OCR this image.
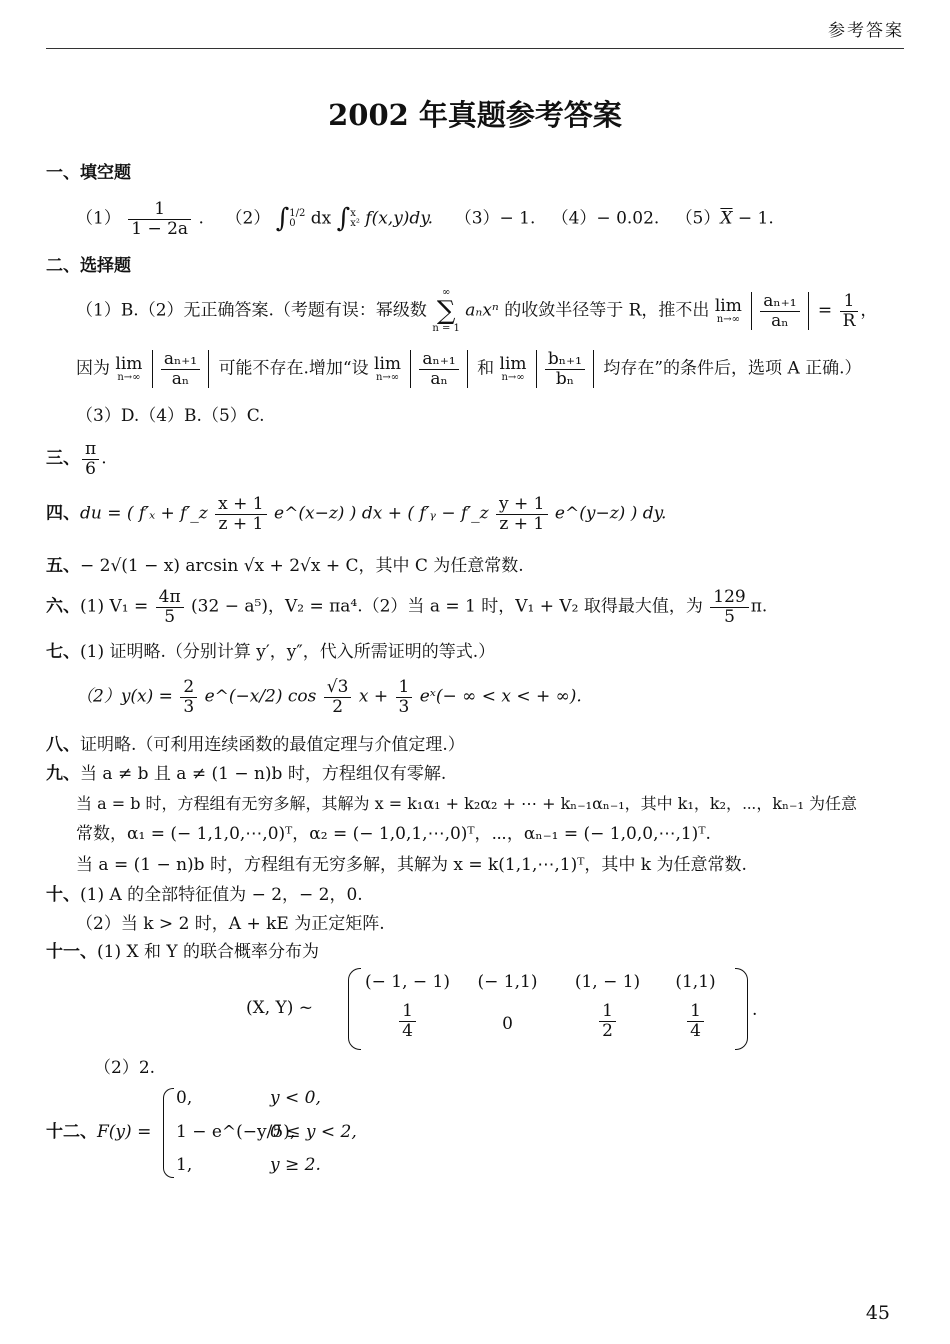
参考答案
2002 年真题参考答案
一、填空题
$(1) \frac{1}{1 - 2a}$ . （2） ∫ 1/2
0 dx ∫ x
x² f(x,y)dy. （3）− 1. （4）− 0.02. $(5)\overline{X} - 1$.
二、选择题
（1）B.（2）无正确答案.（考题有误：幂级数
∞
∑
n = 1
aₙxⁿ 的收敛半径等于 R，推不出 lim
n→∞
$\frac{\text{aₙ₊₁}}{\text{aₙ}} = \frac{1}{R}$ ，
因为 lim
n→∞
$\frac{\text{aₙ₊₁}}{\text{aₙ}}$ 可能不存在.增加“设 lim
n→∞
$\frac{\text{aₙ₊₁}}{\text{aₙ}}$ 和 lim
n→∞
$\frac{\text{bₙ₊₁}}{\text{bₙ}}$ 均存在”的条件后，选项 A 正确.）
（3）D.（4）B.（5）C.
三、 $\frac{\pi}{6}$ .
四、du = ( f′ₓ + f′_z $\frac{x + 1}{z + 1}$ e^(x−z) ) dx + ( f′ᵧ − f′_z $\frac{y + 1}{z + 1}$ e^(y−z) ) dy.
五、− 2√(1 − x) arcsin √x + 2√x + C，其中 C 为任意常数.
六、(1) $V_1 = \frac{4\pi}{5} (32 - a^5)$，V₂ = πa⁴.（2）当 a = 1 时，V₁ + V₂ 取得最大值，为 $\frac{129}{5} \pi$.
七、(1) 证明略.（分别计算 y′，y″，代入所需证明的等式.）
$(2)y(x) = \frac{2}{3}$ e^(−x/2) $\cos \frac{√3}{2}$ $x + \frac{1}{3}$ eˣ(− ∞ < x < + ∞).
八、证明略.（可利用连续函数的最值定理与介值定理.）
九、当 a ≠ b 且 a ≠ (1 − n)b 时，方程组仅有零解.
当 a = b 时，方程组有无穷多解，其解为 x = k₁α₁ + k₂α₂ + ⋯ + kₙ₋₁αₙ₋₁，其中 k₁，k₂，⋯，kₙ₋₁ 为任意
常数，α₁ = (− 1,1,0,⋯,0)ᵀ，α₂ = (− 1,0,1,⋯,0)ᵀ，⋯，αₙ₋₁ = (− 1,0,0,⋯,1)ᵀ.
当 a = (1 − n)b 时，方程组有无穷多解，其解为 x = k(1,1,⋯,1)ᵀ，其中 k 为任意常数.
十、(1) A 的全部特征值为 − 2，− 2，0.
（2）当 k > 2 时，A + kE 为正定矩阵.
十一、(1) X 和 Y 的联合概率分布为
(X, Y) ~
(− 1, − 1)	(− 1,1)	(1, − 1)	(1,1)
$\frac{1}{4}$	0	$\frac{1}{2}$	$\frac{1}{4}$	.
（2）2.
十二、F(y) =
0,	y < 0,
1 − e^(−y/5),
0 ≤ y < 2,
1,	y ≥ 2.
45
